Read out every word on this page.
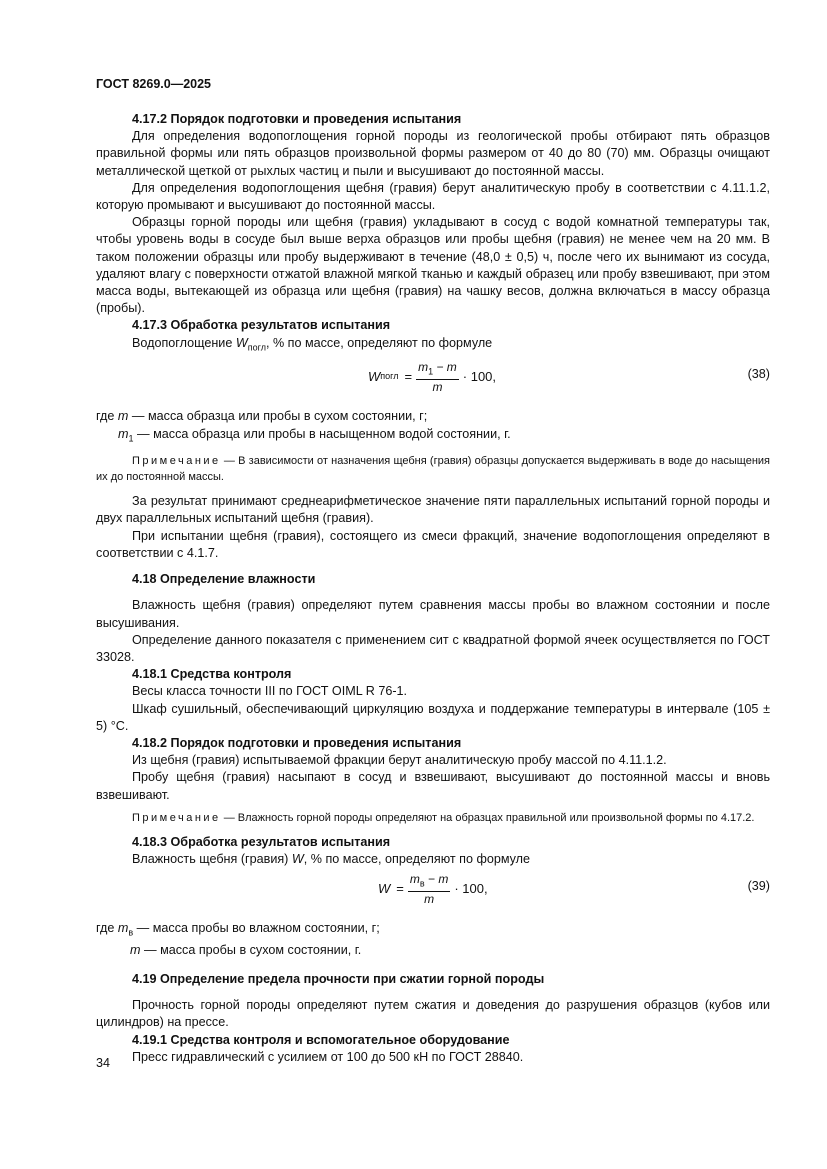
ГОСТ 8269.0—2025

4.17.2 Порядок подготовки и проведения испытания

Для определения водопоглощения горной породы из геологической пробы отбирают пять образцов правильной формы или пять образцов произвольной формы размером от 40 до 80 (70) мм. Образцы очищают металлической щеткой от рыхлых частиц и пыли и высушивают до постоянной массы.

Для определения водопоглощения щебня (гравия) берут аналитическую пробу в соответствии с 4.11.1.2, которую промывают и высушивают до постоянной массы.

Образцы горной породы или щебня (гравия) укладывают в сосуд с водой комнатной температуры так, чтобы уровень воды в сосуде был выше верха образцов или пробы щебня (гравия) не менее чем на 20 мм. В таком положении образцы или пробу выдерживают в течение (48,0 ± 0,5) ч, после чего их вынимают из сосуда, удаляют влагу с поверхности отжатой влажной мягкой тканью и каждый образец или пробу взвешивают, при этом масса воды, вытекающей из образца или щебня (гравия) на чашку весов, должна включаться в массу образца (пробы).

4.17.3 Обработка результатов испытания

Водопоглощение $W_{погл}$, % по массе, определяют по формуле

W погл = $\frac{m_1 - m}{m} \cdot 100$,	(38)

где m — масса образца или пробы в сухом состоянии, г;

$m_1$ — масса образца или пробы в насыщенном водой состоянии, г.

Примечание — В зависимости от назначения щебня (гравия) образцы допускается выдерживать в воде до насыщения их до постоянной массы.

За результат принимают среднеарифметическое значение пяти параллельных испытаний горной породы и двух параллельных испытаний щебня (гравия).

При испытании щебня (гравия), состоящего из смеси фракций, значение водопоглощения определяют в соответствии с 4.1.7.

4.18 Определение влажности

Влажность щебня (гравия) определяют путем сравнения массы пробы во влажном состоянии и после высушивания.

Определение данного показателя с применением сит с квадратной формой ячеек осуществляется по ГОСТ 33028.

4.18.1 Средства контроля

Весы класса точности III по ГОСТ OIML R 76-1.

Шкаф сушильный, обеспечивающий циркуляцию воздуха и поддержание температуры в интервале (105 ± 5) °С.

4.18.2 Порядок подготовки и проведения испытания

Из щебня (гравия) испытываемой фракции берут аналитическую пробу массой по 4.11.1.2.

Пробу щебня (гравия) насыпают в сосуд и взвешивают, высушивают до постоянной массы и вновь взвешивают.

Примечание — Влажность горной породы определяют на образцах правильной или произвольной формы по 4.17.2.

4.18.3 Обработка результатов испытания

Влажность щебня (гравия) W, % по массе, определяют по формуле

$W = \frac{m_в - m}{m} \cdot 100$,	(39)

где $m_в$ — масса пробы во влажном состоянии, г;

m — масса пробы в сухом состоянии, г.

4.19 Определение предела прочности при сжатии горной породы

Прочность горной породы определяют путем сжатия и доведения до разрушения образцов (кубов или цилиндров) на прессе.

4.19.1 Средства контроля и вспомогательное оборудование

Пресс гидравлический с усилием от 100 до 500 кН по ГОСТ 28840.

34
